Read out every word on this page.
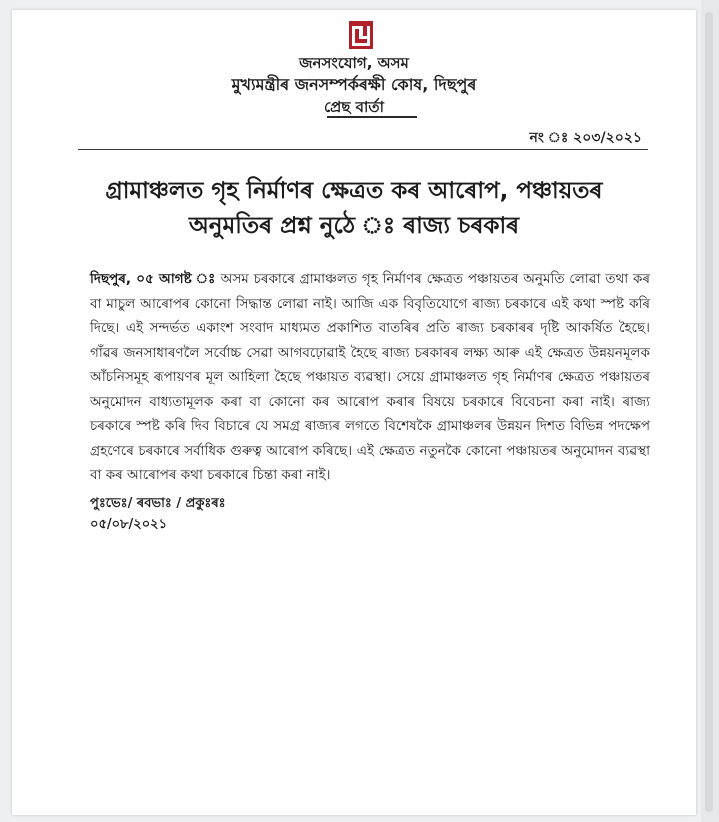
জনসংযোগ, অসম
মুখ্যমন্ত্ৰীৰ জনসম্পৰ্কৰক্ষী কোষ, দিছপুৰ
প্ৰেছ বাৰ্তা
নং ঃ ২০৩/২০২১
গ্ৰামাঞ্চলত গৃহ নিৰ্মাণৰ ক্ষেত্ৰত কৰ আৰোপ, পঞ্চায়তৰ
অনুমতিৰ প্ৰশ্ন নুঠে ঃ ৰাজ্য চৰকাৰ
দিছপুৰ, ০৫ আগষ্ট ঃ অসম চৰকাৰে গ্ৰামাঞ্চলত গৃহ নিৰ্মাণৰ ক্ষেত্ৰত পঞ্চায়তৰ অনুমতি লোৱা তথা কৰ বা মাচুল আৰোপৰ কোনো সিদ্ধান্ত লোৱা নাই। আজি এক বিবৃতিযোগে ৰাজ্য চৰকাৰে এই কথা স্পষ্ট কৰি দিছে। এই সন্দৰ্ভত একাংশ সংবাদ মাধ্যমত প্ৰকাশিত বাতৰিৰ প্ৰতি ৰাজ্য চৰকাৰৰ দৃষ্টি আকৰ্ষিত হৈছে। গাঁৱৰ জনসাধাৰণলৈ সৰ্বোচ্চ সেৱা আগবঢ়োৱাই হৈছে ৰাজ্য চৰকাৰৰ লক্ষ্য আৰু এই ক্ষেত্ৰত উন্নয়নমূলক আঁচনিসমূহ ৰূপায়ণৰ মূল আহিলা হৈছে পঞ্চায়ত ব্যৱস্থা। সেয়ে গ্ৰামাঞ্চলত গৃহ নিৰ্মাণৰ ক্ষেত্ৰত পঞ্চায়তৰ অনুমোদন বাধ্যতামূলক কৰা বা কোনো কৰ আৰোপ কৰাৰ বিষয়ে চৰকাৰে বিবেচনা কৰা নাই। ৰাজ্য চৰকাৰে স্পষ্ট কৰি দিব বিচাৰে যে সমগ্ৰ ৰাজ্যৰ লগতে বিশেষকৈ গ্ৰামাঞ্চলৰ উন্নয়ন দিশত বিভিন্ন পদক্ষেপ গ্ৰহণেৰে চৰকাৰে সৰ্বাধিক গুৰুত্ব আৰোপ কৰিছে। এই ক্ষেত্ৰত নতুনকৈ কোনো পঞ্চায়তৰ অনুমোদন ব্যৱস্থা বা কৰ আৰোপৰ কথা চৰকাৰে চিন্তা কৰা নাই।
পুঃভেঃ/ ৰবভাঃ / প্ৰকুঃৰঃ
০৫/০৮/২০২১
